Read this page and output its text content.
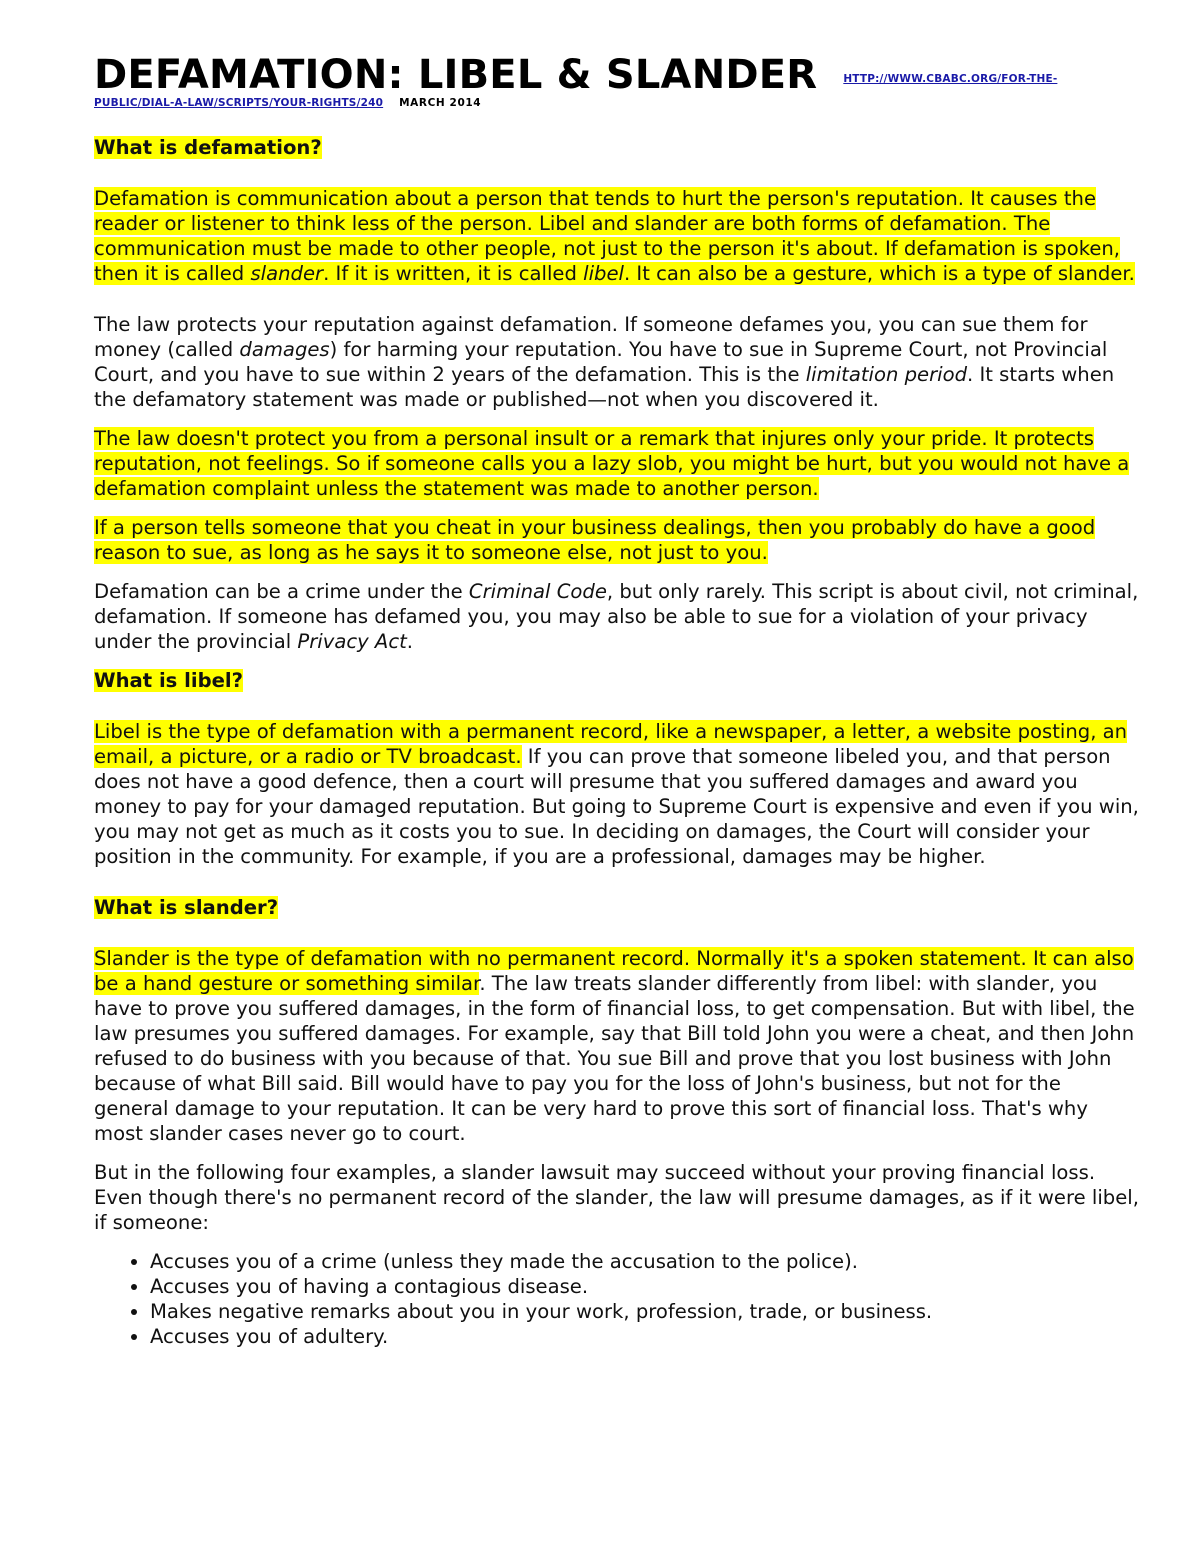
DEFAMATION: LIBEL & SLANDER $^{HTTP://WWW.CBABC.ORG/FOR-THE-}$
PUBLIC/DIAL-A-LAW/SCRIPTS/YOUR-RIGHTS/240 MARCH 2014
What is defamation?

Defamation is communication about a person that tends to hurt the person's reputation. It causes the reader or listener to think less of the person. Libel and slander are both forms of defamation. The communication must be made to other people, not just to the person it's about. If defamation is spoken, then it is called slander. If it is written, it is called libel. It can also be a gesture, which is a type of slander.

The law protects your reputation against defamation. If someone defames you, you can sue them for money (called damages) for harming your reputation. You have to sue in Supreme Court, not Provincial Court, and you have to sue within 2 years of the defamation. This is the limitation period. It starts when the defamatory statement was made or published—not when you discovered it.

The law doesn't protect you from a personal insult or a remark that injures only your pride. It protects reputation, not feelings. So if someone calls you a lazy slob, you might be hurt, but you would not have a defamation complaint unless the statement was made to another person.

If a person tells someone that you cheat in your business dealings, then you probably do have a good reason to sue, as long as he says it to someone else, not just to you.

Defamation can be a crime under the Criminal Code, but only rarely. This script is about civil, not criminal, defamation. If someone has defamed you, you may also be able to sue for a violation of your privacy under the provincial Privacy Act.

What is libel?

Libel is the type of defamation with a permanent record, like a newspaper, a letter, a website posting, an email, a picture, or a radio or TV broadcast. If you can prove that someone libeled you, and that person does not have a good defence, then a court will presume that you suffered damages and award you money to pay for your damaged reputation. But going to Supreme Court is expensive and even if you win, you may not get as much as it costs you to sue. In deciding on damages, the Court will consider your position in the community. For example, if you are a professional, damages may be higher.

What is slander?

Slander is the type of defamation with no permanent record. Normally it's a spoken statement. It can also be a hand gesture or something similar. The law treats slander differently from libel: with slander, you have to prove you suffered damages, in the form of financial loss, to get compensation. But with libel, the law presumes you suffered damages. For example, say that Bill told John you were a cheat, and then John refused to do business with you because of that. You sue Bill and prove that you lost business with John because of what Bill said. Bill would have to pay you for the loss of John's business, but not for the general damage to your reputation. It can be very hard to prove this sort of financial loss. That's why most slander cases never go to court.

But in the following four examples, a slander lawsuit may succeed without your proving financial loss. Even though there's no permanent record of the slander, the law will presume damages, as if it were libel, if someone:

• Accuses you of a crime (unless they made the accusation to the police).
• Accuses you of having a contagious disease.
• Makes negative remarks about you in your work, profession, trade, or business.
• Accuses you of adultery.
